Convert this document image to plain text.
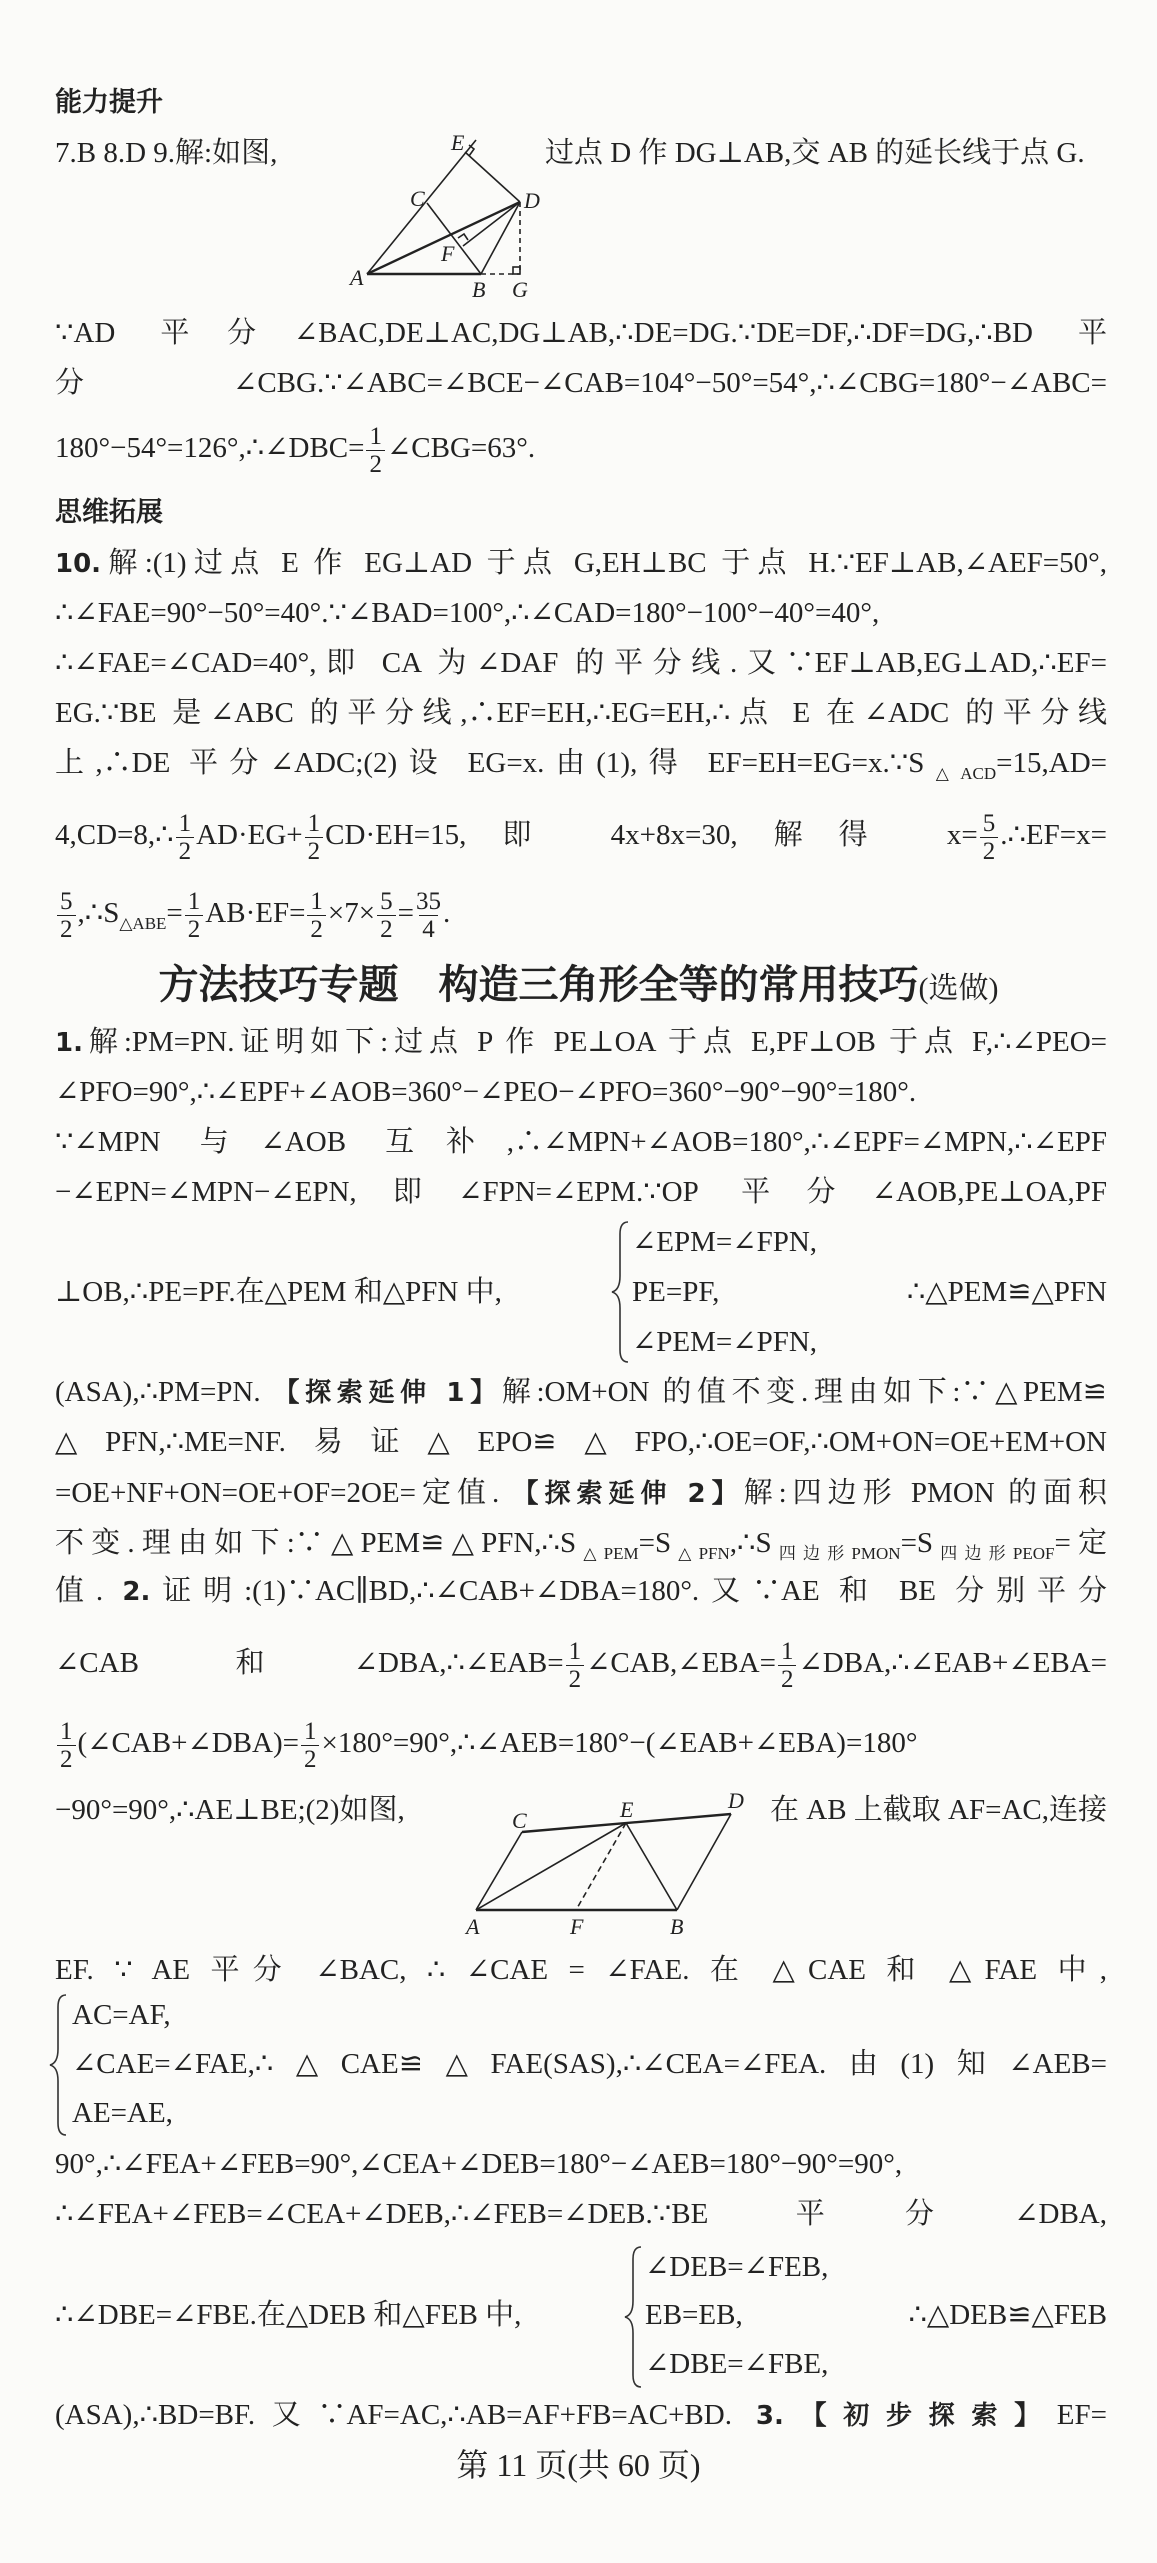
能力提升
7.B 8.D 9.解:如图,	过点 D 作 DG⊥AB,交 AB 的延长线于点 G.
思维拓展
方法技巧专题　构造三角形全等的常用技巧(选做)
⊥OB,∴PE=PF.在△PEM 和△PFN 中,
∠EPM=∠FPN,
PE=PF,
∠PEM=∠PFN,
∴△PEM≌△PFN
−90°=90°,∴AE⊥BE;(2)如图,	在 AB 上截取 AF=AC,连接
AC=AF,
∠CAE=∠FAE,∴△CAE≌△FAE(SAS),∴∠CEA=∠FEA.由(1)知∠AEB=
AE=AE,
∴∠DBE=∠FBE.在△DEB 和△FEB 中,
∠DEB=∠FEB,
EB=EB,
∠DBE=∠FBE,
∴△DEB≌△FEB
第 11 页(共 60 页)
E
C	D
F
A	B G
C	E	D
A	F	B
∵AD 平分∠BAC,DE⊥AC,DG⊥AB,∴DE=DG.∵DE=DF,∴DF=DG,∴BD 平
分∠CBG.∵∠ABC=∠BCE−∠CAB=104°−50°=54°,∴∠CBG=180°−∠ABC=
180°−54°=126°,∴∠DBC= $\frac{1}{2}$ ∠CBG=63°.
10.解:(1)过点 E 作 EG⊥AD 于点 G,EH⊥BC 于点 H.∵EF⊥AB,∠AEF=50°,
∴∠FAE=90°−50°=40°.∵∠BAD=100°,∴∠CAD=180°−100°−40°=40°,
∴∠FAE=∠CAD=40°,即 CA 为∠DAF 的平分线.又∵EF⊥AB,EG⊥AD,∴EF=
EG.∵BE 是∠ABC 的平分线,∴EF=EH,∴EG=EH,∴点 E 在∠ADC 的平分线
上,∴DE 平分∠ADC;(2)设 EG=x.由(1),得 $EF=EH=EG=x.\because S_{\triangle ACD}=15,AD=$
4,CD=8,∴ $\frac{1}{2} AD\cdot EG+ \frac{1}{2} CD\cdot EH=15$,即 4x+8x=30,解得 $x= \frac{5}{2}$ .∴EF=x=
$\frac{5}{2}$ $,\therefore S_{\triangle ABE}= \frac{1}{2} AB\cdot EF= \frac{1}{2} \times 7\times \frac{5}{2} = \frac{35}{4}$ .
1.解:PM=PN.证明如下:过点 P 作 PE⊥OA 于点 E,PF⊥OB 于点 F,∴∠PEO=
∠PFO=90°,∴∠EPF+∠AOB=360°−∠PEO−∠PFO=360°−90°−90°=180°.
∵∠MPN 与∠AOB 互补,∴∠MPN+∠AOB=180°,∴∠EPF=∠MPN,∴∠EPF
−∠EPN=∠MPN−∠EPN,即∠FPN=∠EPM.∵OP 平分∠AOB,PE⊥OA,PF
(ASA),∴PM=PN. 【探索延伸 1】解:OM+ON 的值不变.理由如下:∵△PEM≌
△PFN,∴ME=NF.易证△EPO≌△FPO,∴OE=OF,∴OM+ON=OE+EM+ON
=OE+NF+ON=OE+OF=2OE=定值. 【探索延伸 2】解:四边形 PMON 的面积
不变.理由如下$:\because\triangle PEM≌\triangle PFN,\therefore S_{\triangle PEM}=S_{\triangle PFN},\therefore S_{四边形PMON}=S_{四边形PEOF}=$定
值. 2.证明:(1)∵AC∥BD,∴∠CAB+∠DBA=180°.又∵AE 和 BE 分别平分
∠CAB 和∠DBA,∴∠EAB= $\frac{1}{2}$ ∠CAB,∠EBA= $\frac{1}{2}$ ∠DBA,∴∠EAB+∠EBA=
$\frac{1}{2}$ (∠CAB+∠DBA)= $\frac{1}{2}$ ×180°=90°,∴∠AEB=180°−(∠EAB+∠EBA)=180°
EF. ∵ AE 平分 ∠BAC, ∴ ∠CAE = ∠FAE. 在 △CAE 和 △FAE 中,
90°,∴∠FEA+∠FEB=90°,∠CEA+∠DEB=180°−∠AEB=180°−90°=90°,
∴∠FEA+∠FEB=∠CEA+∠DEB,∴∠FEB=∠DEB.∵BE 平分∠DBA,
(ASA),∴BD=BF.又∵AF=AC,∴AB=AF+FB=AC+BD. 3.【初步探索】EF=
